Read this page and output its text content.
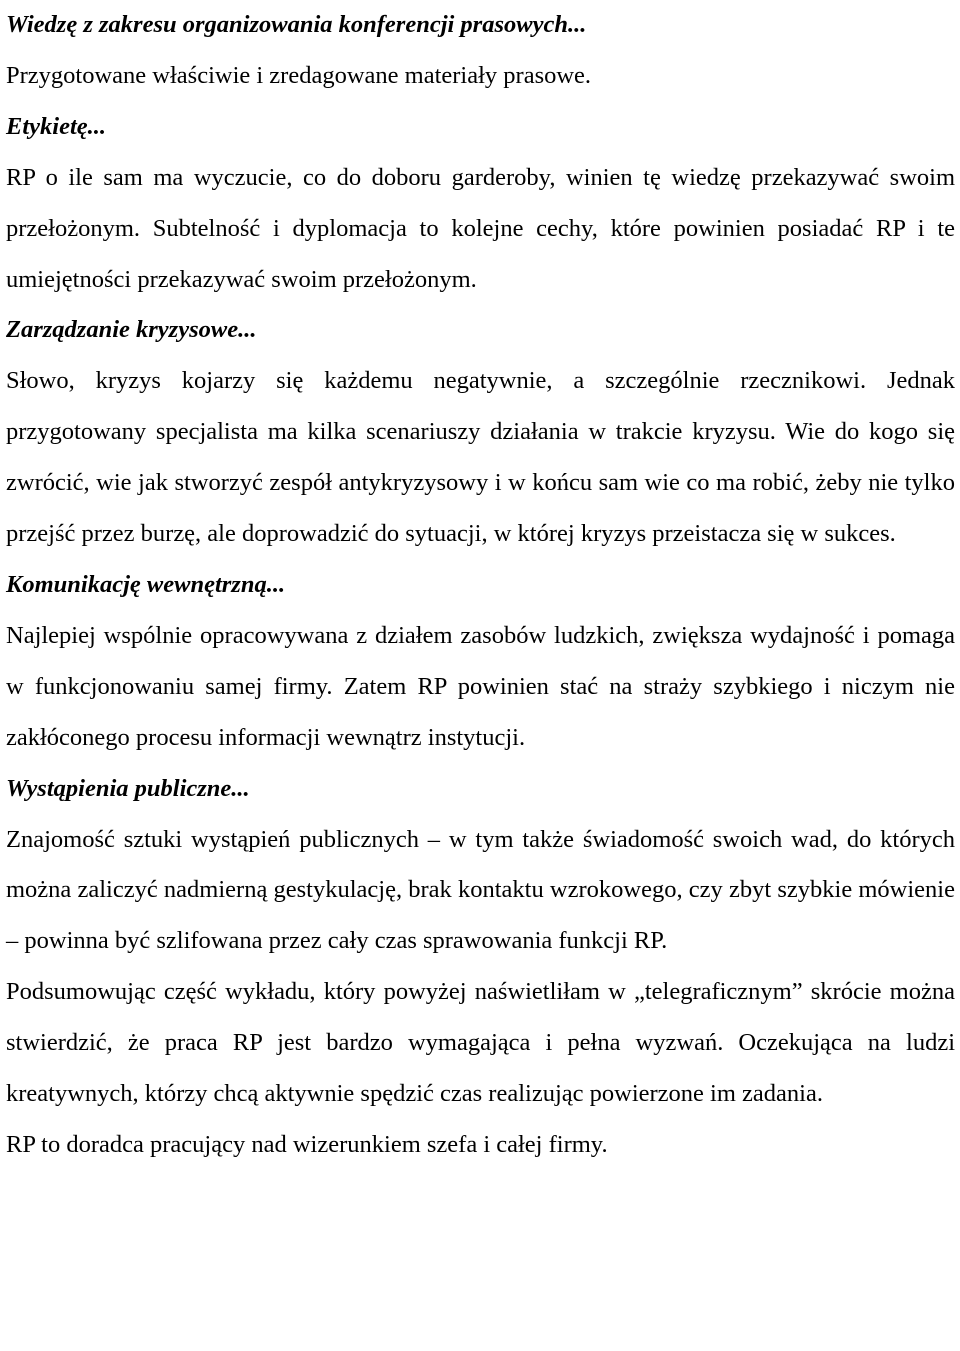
Wiedzę z zakresu organizowania konferencji prasowych...

Przygotowane właściwie i zredagowane materiały prasowe.

Etykietę...

RP o ile sam ma wyczucie, co do doboru garderoby, winien tę wiedzę przekazywać swoim przełożonym. Subtelność i dyplomacja to kolejne cechy, które powinien posiadać RP i te umiejętności przekazywać swoim przełożonym.

Zarządzanie kryzysowe...

Słowo, kryzys kojarzy się każdemu negatywnie, a szczególnie rzecznikowi. Jednak przygotowany specjalista ma kilka scenariuszy działania w trakcie kryzysu. Wie do kogo się zwrócić, wie jak stworzyć zespół antykryzysowy i w końcu sam wie co ma robić, żeby nie tylko przejść przez burzę, ale doprowadzić do sytuacji, w której kryzys przeistacza się w sukces.

Komunikację wewnętrzną...

Najlepiej wspólnie opracowywana z działem zasobów ludzkich, zwiększa wydajność i pomaga w funkcjonowaniu samej firmy. Zatem RP powinien stać na straży szybkiego i niczym nie zakłóconego procesu informacji wewnątrz instytucji.

Wystąpienia publiczne...

Znajomość sztuki wystąpień publicznych – w tym także świadomość swoich wad, do których można zaliczyć nadmierną gestykulację, brak kontaktu wzrokowego, czy zbyt szybkie mówienie – powinna być szlifowana przez cały czas sprawowania funkcji RP.

Podsumowując część wykładu, który powyżej naświetliłam w „telegraficznym” skrócie można stwierdzić, że praca RP jest bardzo wymagająca i pełna wyzwań. Oczekująca na ludzi kreatywnych, którzy chcą aktywnie spędzić czas realizując powierzone im zadania.

RP to doradca pracujący nad wizerunkiem szefa i całej firmy.
